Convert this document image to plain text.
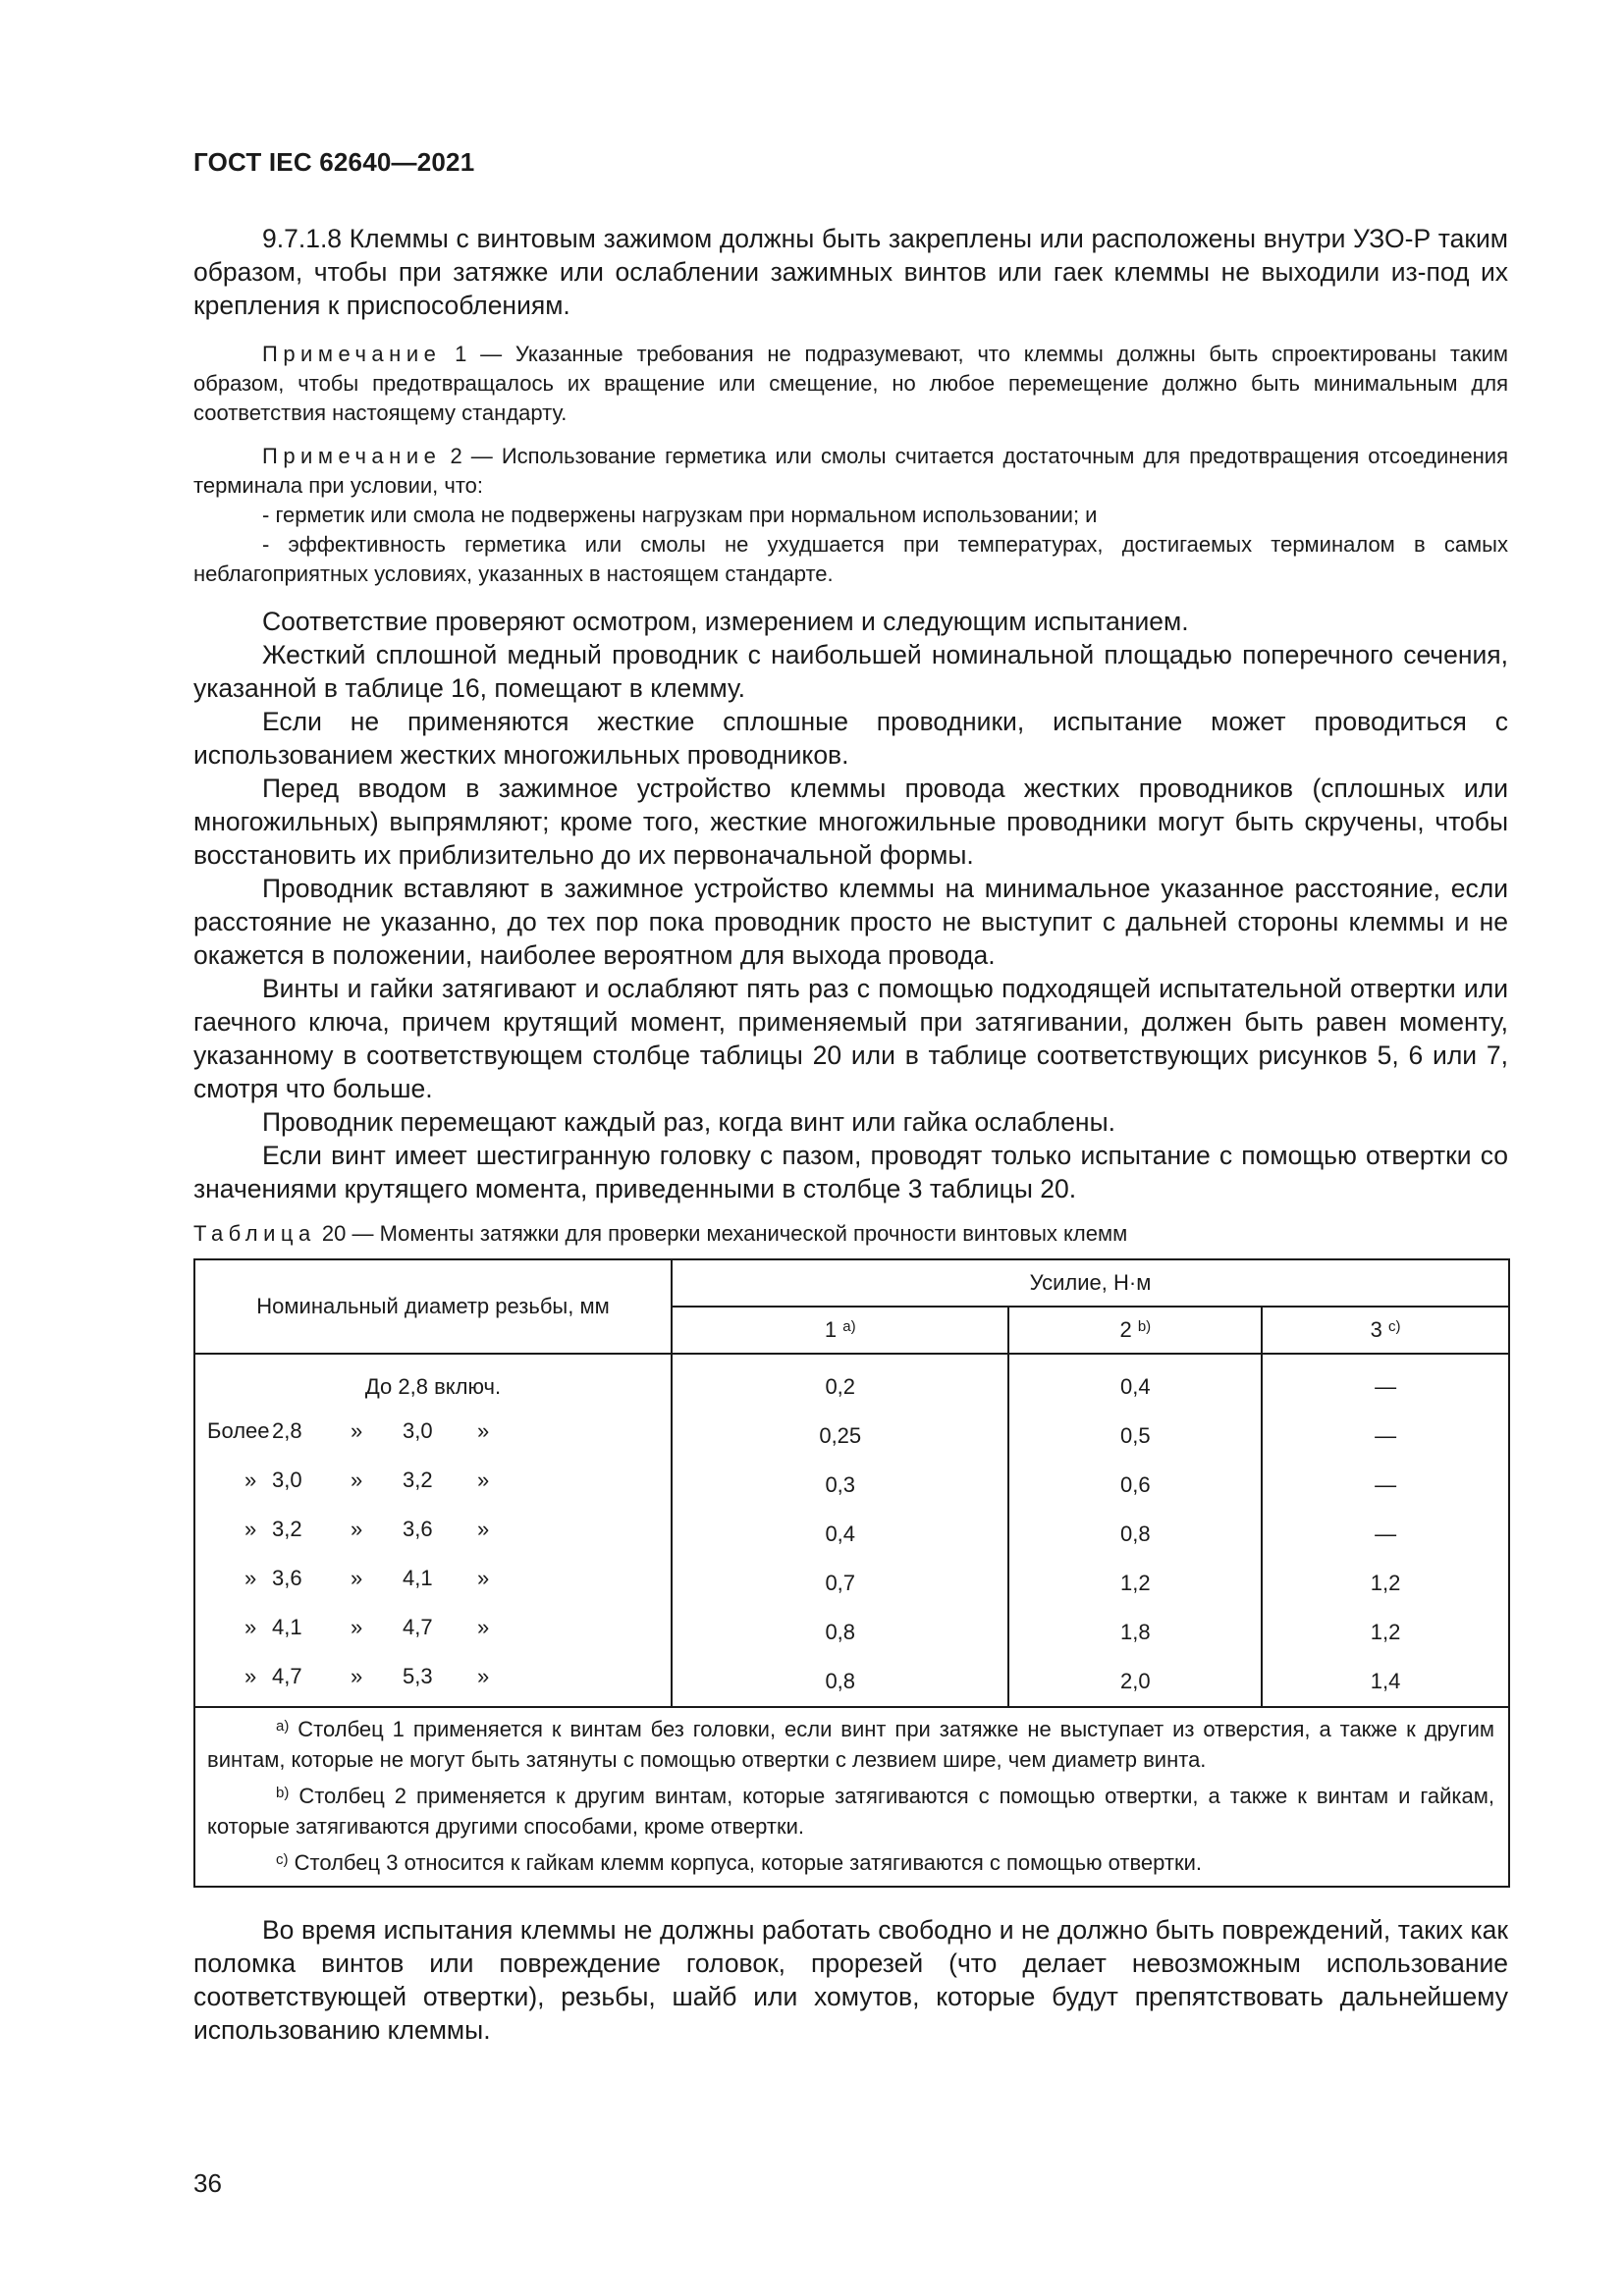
ГОСТ IEC 62640—2021

9.7.1.8 Клеммы с винтовым зажимом должны быть закреплены или расположены внутри УЗО-Р таким образом, чтобы при затяжке или ослаблении зажимных винтов или гаек клеммы не выходили из-под их крепления к приспособлениям.

Примечание 1 — Указанные требования не подразумевают, что клеммы должны быть спроектированы таким образом, чтобы предотвращалось их вращение или смещение, но любое перемещение должно быть минимальным для соответствия настоящему стандарту.

Примечание 2 — Использование герметика или смолы считается достаточным для предотвращения отсоединения терминала при условии, что:

- герметик или смола не подвержены нагрузкам при нормальном использовании; и

- эффективность герметика или смолы не ухудшается при температурах, достигаемых терминалом в самых неблагоприятных условиях, указанных в настоящем стандарте.

Соответствие проверяют осмотром, измерением и следующим испытанием.

Жесткий сплошной медный проводник с наибольшей номинальной площадью поперечного сечения, указанной в таблице 16, помещают в клемму.

Если не применяются жесткие сплошные проводники, испытание может проводиться с использованием жестких многожильных проводников.

Перед вводом в зажимное устройство клеммы провода жестких проводников (сплошных или многожильных) выпрямляют; кроме того, жесткие многожильные проводники могут быть скручены, чтобы восстановить их приблизительно до их первоначальной формы.

Проводник вставляют в зажимное устройство клеммы на минимальное указанное расстояние, если расстояние не указанно, до тех пор пока проводник просто не выступит с дальней стороны клеммы и не окажется в положении, наиболее вероятном для выхода провода.

Винты и гайки затягивают и ослабляют пять раз с помощью подходящей испытательной отвертки или гаечного ключа, причем крутящий момент, применяемый при затягивании, должен быть равен моменту, указанному в соответствующем столбце таблицы 20 или в таблице соответствующих рисунков 5, 6 или 7, смотря что больше.

Проводник перемещают каждый раз, когда винт или гайка ослаблены.

Если винт имеет шестигранную головку с пазом, проводят только испытание с помощью отвертки со значениями крутящего момента, приведенными в столбце 3 таблицы 20.

Таблица 20 — Моменты затяжки для проверки механической прочности винтовых клемм
Номинальный диаметр резьбы, мм	Усилие, Н·м		
	1 $^{a)}$	2 $^{b)}$	3 $^{c)}$
До 2,8 включ.	0,2	0,4	—

Более 2,8 » 3,0 »	0,25	0,5	—

» 3,0 » 3,2 »	0,3	0,6	—

» 3,2 » 3,6 »	0,4	0,8	—

» 3,6 » 4,1 »	0,7	1,2	1,2

» 4,1 » 4,7 »	0,8	1,8	1,2

» 4,7 » 5,3 »	0,8	2,0	1,4

$^{a)}$ Столбец 1 применяется к винтам без головки, если винт при затяжке не выступает из отверстия, а также к другим винтам, которые не могут быть затянуты с помощью отвертки с лезвием шире, чем диаметр винта.

$^{b)}$ Столбец 2 применяется к другим винтам, которые затягиваются с помощью отвертки, а также к винтам и гайкам, которые затягиваются другими способами, кроме отвертки.

$^{c)}$ Столбец 3 относится к гайкам клемм корпуса, которые затягиваются с помощью отвертки.			

Во время испытания клеммы не должны работать свободно и не должно быть повреждений, таких как поломка винтов или повреждение головок, прорезей (что делает невозможным использование соответствующей отвертки), резьбы, шайб или хомутов, которые будут препятствовать дальнейшему использованию клеммы.

36
